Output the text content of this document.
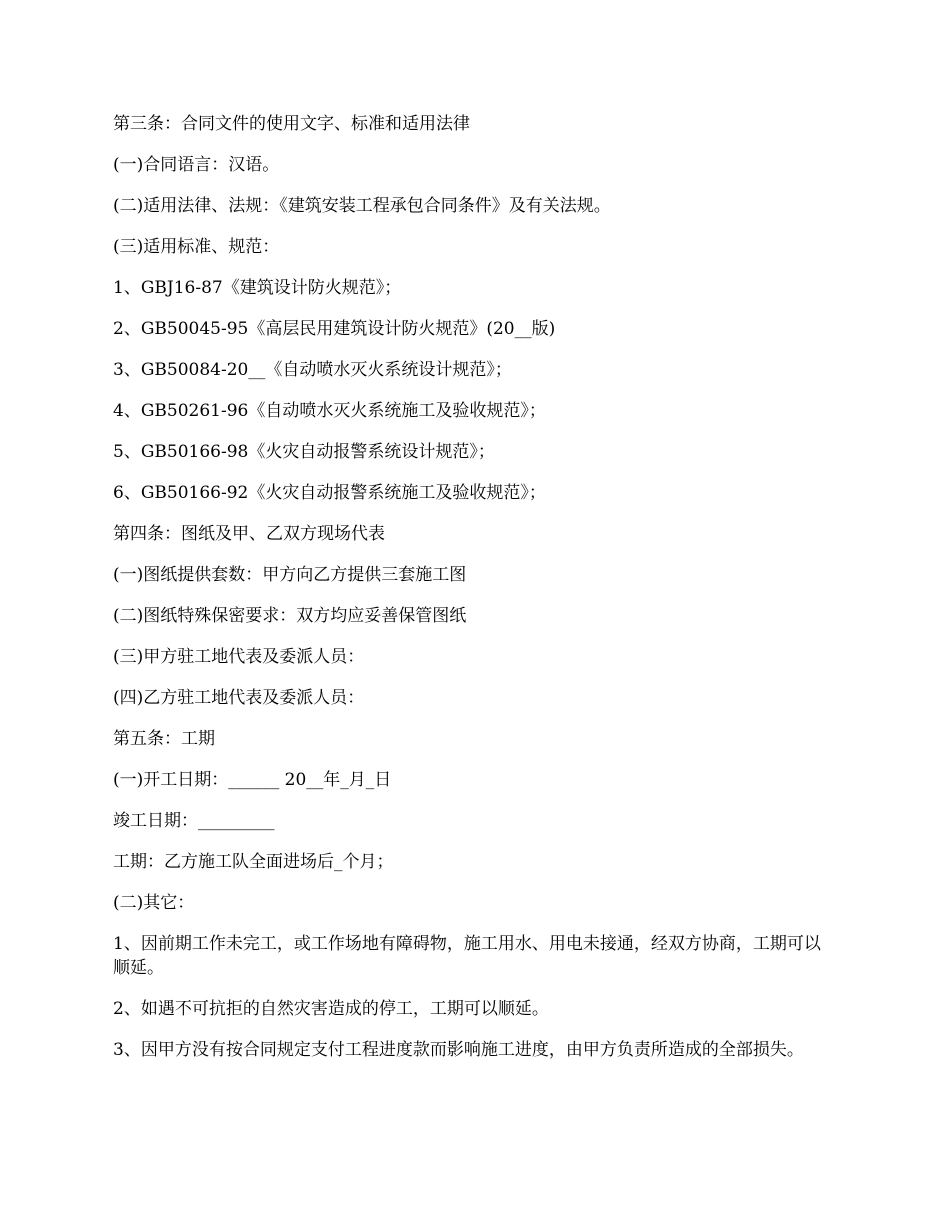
第三条：合同文件的使用文字、标准和适用法律

(一)合同语言：汉语。

(二)适用法律、法规：《建筑安装工程承包合同条件》及有关法规。

(三)适用标准、规范：

1、GBJ16-87《建筑设计防火规范》；

2、GB50045-95《高层民用建筑设计防火规范》(20__版)

3、GB50084-20__《自动喷水灭火系统设计规范》；

4、GB50261-96《自动喷水灭火系统施工及验收规范》；

5、GB50166-98《火灾自动报警系统设计规范》；

6、GB50166-92《火灾自动报警系统施工及验收规范》；

第四条：图纸及甲、乙双方现场代表

(一)图纸提供套数：甲方向乙方提供三套施工图

(二)图纸特殊保密要求：双方均应妥善保管图纸

(三)甲方驻工地代表及委派人员：

(四)乙方驻工地代表及委派人员：

第五条：工期

(一)开工日期：______ 20__年_月_日

竣工日期：_________

工期：乙方施工队全面进场后_个月；

(二)其它：

1、因前期工作未完工，或工作场地有障碍物，施工用水、用电未接通，经双方协商，工期可以顺延。

2、如遇不可抗拒的自然灾害造成的停工，工期可以顺延。

3、因甲方没有按合同规定支付工程进度款而影响施工进度，由甲方负责所造成的全部损失。
